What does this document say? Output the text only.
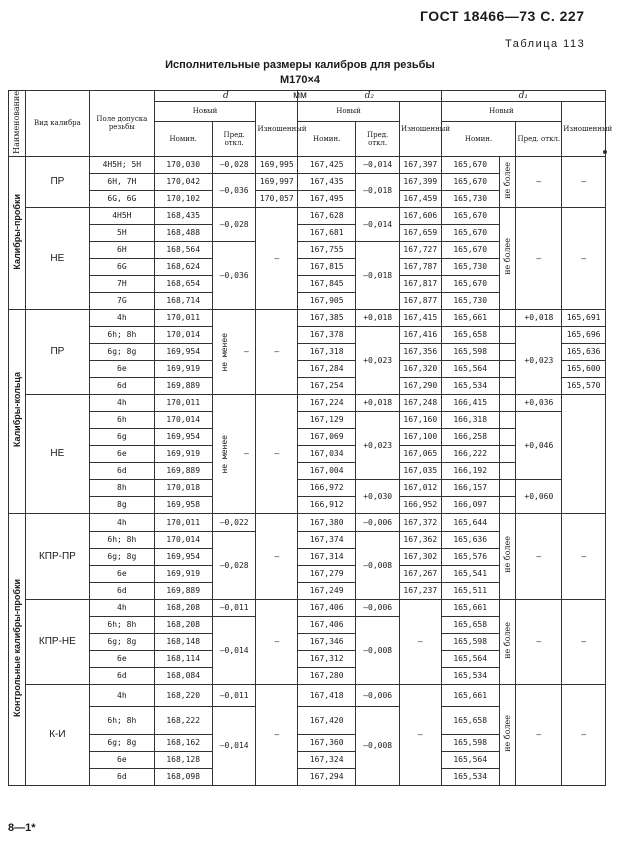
ГОСТ 18466—73 С. 227
Таблица 113
Исполнительные размеры калибров для резьбы М170×4
мм
Наименование	Вид калибра	Поле допуска резьбы	d			d₂			d₁			
			Новый		Изношенный	Новый		Изношенный	Новый			Изношенный
			Номин.	Пред. откл.		Номин.	Пред. откл.		Номин.		Пред. откл.	
Калибры-пробки	ПР	4H5H; 5H	170,030	—0,028	169,995	167,425	—0,014	167,397	165,670	не более	—	—
		6H, 7H	170,042	—0,036	169,997	167,435	—0,018	167,399	165,670			
		6G, 6G	170,102		170,057	167,495		167,459	165,730			
	НЕ	4H5H	168,435	—0,028	—	167,628	—0,014	167,606	165,670	не более	—	—
		5H	168,488			167,681		167,659	165,670			
		6H	168,564	—0,036		167,755	—0,018	167,727	165,670			
		6G	168,624			167,815		167,787	165,730			
		7H	168,654			167,845		167,817	165,670			
		7G	168,714			167,905		167,877	165,730			
Калибры-кольца	ПР	4h	170,011	не менее —	—	167,385	+0,018	167,415	165,661		+0,018	165,691
		6h; 8h	170,014			167,378	+0,023	167,416	165,658		+0,023	165,696
		6g; 8g	169,954			167,318		167,356	165,598			165,636
		6e	169,919			167,284		167,320	165,564			165,600
		6d	169,889			167,254		167,290	165,534			165,570
	НЕ	4h	170,011	не менее —	—	167,224	+0,018	167,248	166,415		+0,036	
		6h	170,014			167,129	+0,023	167,160	166,318		+0,046	
		6g	169,954			167,069		167,100	166,258			
		6e	169,919			167,034		167,065	166,222			
		6d	169,889			167,004		167,035	166,192			
		8h	170,018			166,972	+0,030	167,012	166,157		+0,060	
		8g	169,958			166,912		166,952	166,097			
Контрольные калибры-пробки	КПР-ПР	4h	170,011	—0,022	—	167,380	—0,006	167,372	165,644	не более	—	—
		6h; 8h	170,014	—0,028		167,374	—0,008	167,362	165,636			
		6g; 8g	169,954			167,314		167,302	165,576			
		6e	169,919			167,279		167,267	165,541			
		6d	169,889			167,249		167,237	165,511			
	КПР-НЕ	4h	168,208	—0,011	—	167,406	—0,006	—	165,661	не более	—	—
		6h; 8h	168,208	—0,014		167,406	—0,008		165,658			
		6g; 8g	168,148			167,346			165,598			
		6e	168,114			167,312			165,564			
		6d	168,084			167,280			165,534			
	К-И	4h	168,220	—0,011	—	167,418	—0,006	—	165,661	не более	—	—
		6h; 8h	168,222	—0,014		167,420	—0,008		165,658			
		6g; 8g	168,162			167,360			165,598			
		6e	168,128			167,324			165,564			
		6d	168,098			167,294			165,534			
8—1*
